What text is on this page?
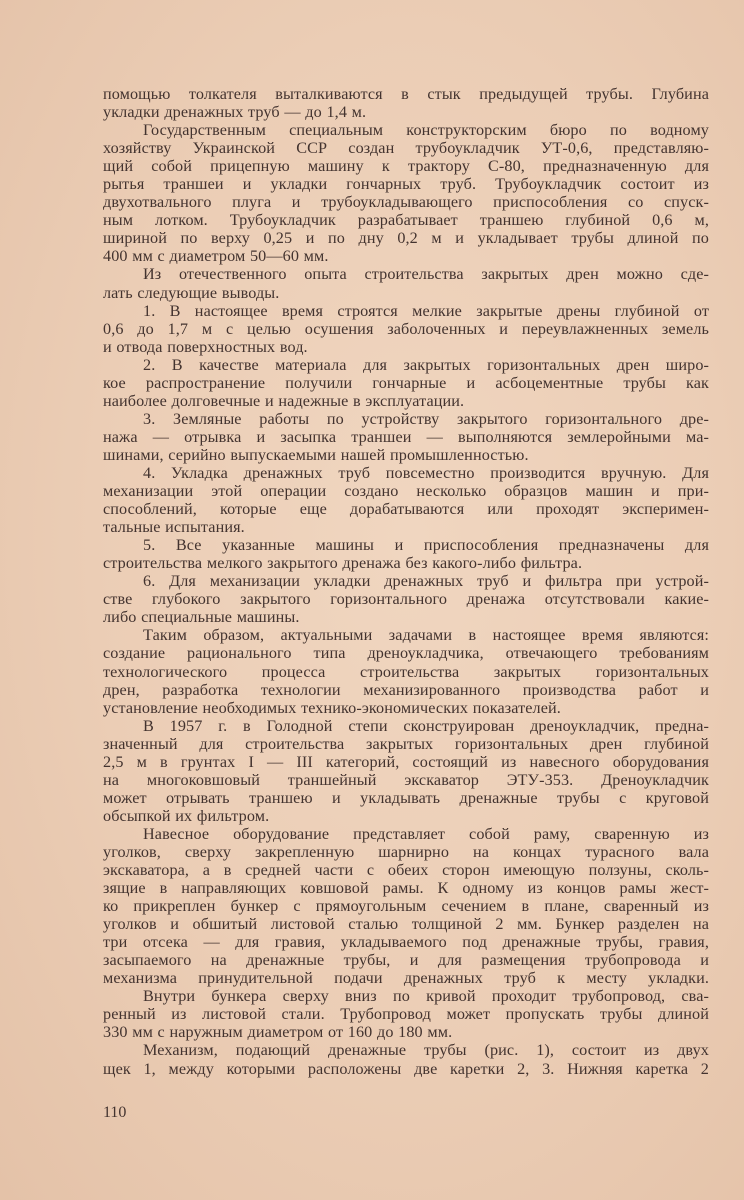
помощью толкателя выталкиваются в стык предыдущей трубы. Глубина
укладки дренажных труб — до 1,4 м.
Государственным специальным конструкторским бюро по водному
хозяйству Украинской ССР создан трубоукладчик УТ-0,6, представляю-
щий собой прицепную машину к трактору С-80, предназначенную для
рытья траншеи и укладки гончарных труб. Трубоукладчик состоит из
двухотвального плуга и трубоукладывающего приспособления со спуск-
ным лотком. Трубоукладчик разрабатывает траншею глубиной 0,6 м,
шириной по верху 0,25 и по дну 0,2 м и укладывает трубы длиной по
400 мм с диаметром 50—60 мм.
Из отечественного опыта строительства закрытых дрен можно сде-
лать следующие выводы.
1. В настоящее время строятся мелкие закрытые дрены глубиной от
0,6 до 1,7 м с целью осушения заболоченных и переувлажненных земель
и отвода поверхностных вод.
2. В качестве материала для закрытых горизонтальных дрен широ-
кое распространение получили гончарные и асбоцементные трубы как
наиболее долговечные и надежные в эксплуатации.
3. Земляные работы по устройству закрытого горизонтального дре-
нажа — отрывка и засыпка траншеи — выполняются землеройными ма-
шинами, серийно выпускаемыми нашей промышленностью.
4. Укладка дренажных труб повсеместно производится вручную. Для
механизации этой операции создано несколько образцов машин и при-
способлений, которые еще дорабатываются или проходят эксперимен-
тальные испытания.
5. Все указанные машины и приспособления предназначены для
строительства мелкого закрытого дренажа без какого-либо фильтра.
6. Для механизации укладки дренажных труб и фильтра при устрой-
стве глубокого закрытого горизонтального дренажа отсутствовали какие-
либо специальные машины.
Таким образом, актуальными задачами в настоящее время являются:
создание рационального типа дреноукладчика, отвечающего требованиям
технологического процесса строительства закрытых горизонтальных
дрен, разработка технологии механизированного производства работ и
установление необходимых технико-экономических показателей.
В 1957 г. в Голодной степи сконструирован дреноукладчик, предна-
значенный для строительства закрытых горизонтальных дрен глубиной
2,5 м в грунтах I — III категорий, состоящий из навесного оборудования
на многоковшовый траншейный экскаватор ЭТУ-353. Дреноукладчик
может отрывать траншею и укладывать дренажные трубы с круговой
обсыпкой их фильтром.
Навесное оборудование представляет собой раму, сваренную из
уголков, сверху закрепленную шарнирно на концах турасного вала
экскаватора, а в средней части с обеих сторон имеющую ползуны, сколь-
зящие в направляющих ковшовой рамы. К одному из концов рамы жест-
ко прикреплен бункер с прямоугольным сечением в плане, сваренный из
уголков и обшитый листовой сталью толщиной 2 мм. Бункер разделен на
три отсека — для гравия, укладываемого под дренажные трубы, гравия,
засыпаемого на дренажные трубы, и для размещения трубопровода и
механизма принудительной подачи дренажных труб к месту укладки.
Внутри бункера сверху вниз по кривой проходит трубопровод, сва-
ренный из листовой стали. Трубопровод может пропускать трубы длиной
330 мм с наружным диаметром от 160 до 180 мм.
Механизм, подающий дренажные трубы (рис. 1), состоит из двух
щек 1, между которыми расположены две каретки 2, 3. Нижняя каретка 2
110
